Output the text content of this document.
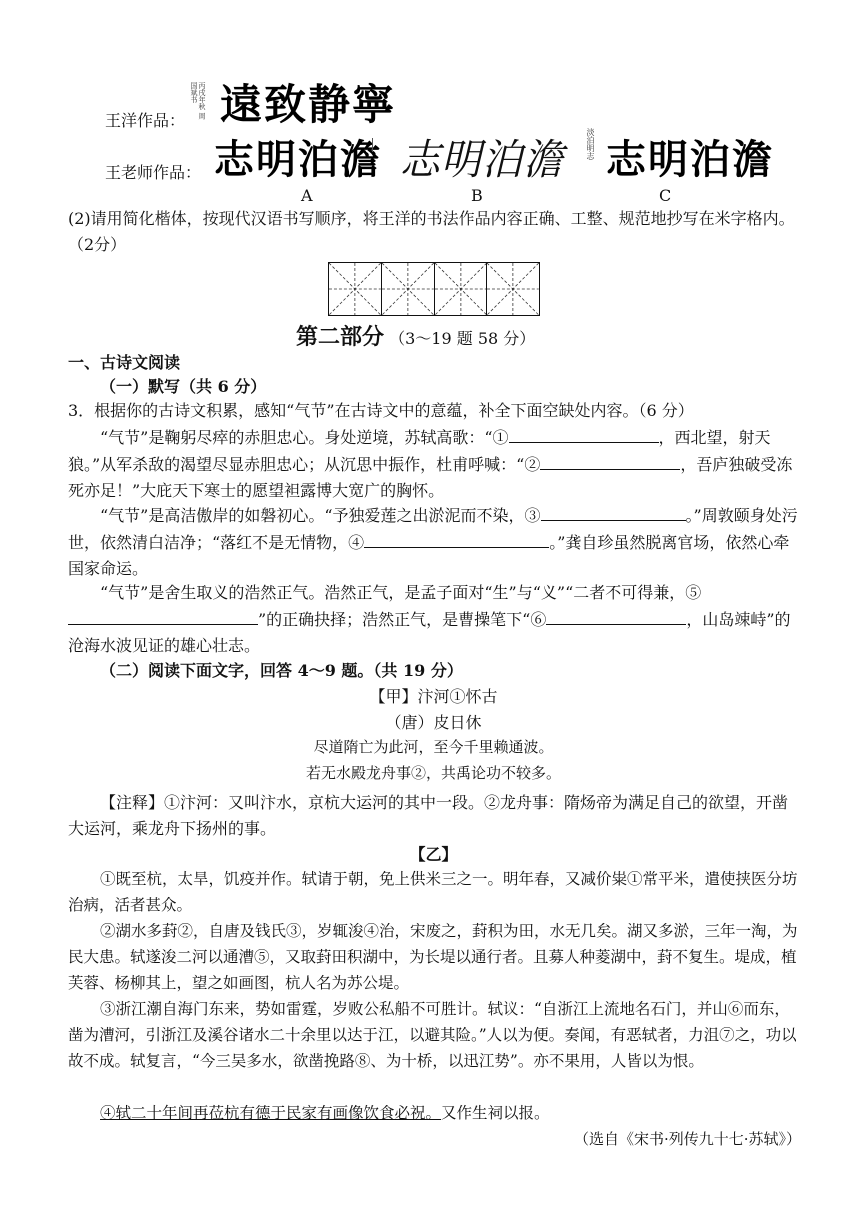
王洋作品：
丙戌年秋 周国斌书 遠致静寧
王老师作品： 志明泊澹 志明泊澹	淡泊明志 志明泊澹
A	B	C
(2)请用简化楷体，按现代汉语书写顺序，将王洋的书法作品内容正确、工整、规范地抄写在米字格内。（2分）
第二部分 （3～19 题 58 分）
一、古诗文阅读
（一）默写（共 6 分）
3．根据你的古诗文积累，感知“气节”在古诗文中的意蕴，补全下面空缺处内容。（6 分）
“气节”是鞠躬尽瘁的赤胆忠心。身处逆境，苏轼高歌：“①	，西北望，射天狼。”从军杀敌的渴望尽显赤胆忠心；从沉思中振作，杜甫呼喊：“②	，吾庐独破受冻死亦足！”大庇天下寒士的愿望袒露博大宽广的胸怀。
“气节”是高洁傲岸的如磐初心。“予独爱莲之出淤泥而不染，③	。”周敦颐身处污世，依然清白洁净；“落红不是无情物，④	。”龚自珍虽然脱离官场，依然心牵国家命运。
“气节”是舍生取义的浩然正气。浩然正气，是孟子面对“生”与“义”“二者不可得兼，⑤”的正确抉择；浩然正气，是曹操笔下“⑥	，山岛竦峙”的沧海水波见证的雄心壮志。
（二）阅读下面文字，回答 4～9 题。（共 19 分）
【甲】汴河①怀古
（唐）皮日休
尽道隋亡为此河，至今千里赖通波。
若无水殿龙舟事②，共禹论功不较多。
【注释】①汴河：又叫汴水，京杭大运河的其中一段。②龙舟事：隋炀帝为满足自己的欲望，开凿大运河，乘龙舟下扬州的事。
【乙】
①既至杭，太旱，饥疫并作。轼请于朝，免上供米三之一。明年春，又减价粜①常平米，遣使挟医分坊治病，活者甚众。
②湖水多葑②，自唐及钱氏③，岁辄浚④治，宋废之，葑积为田，水无几矣。湖又多淤，三年一淘，为民大患。轼遂浚二河以通漕⑤，又取葑田积湖中，为长堤以通行者。且募人种菱湖中，葑不复生。堤成，植芙蓉、杨柳其上，望之如画图，杭人名为苏公堤。
③浙江潮自海门东来，势如雷霆，岁败公私船不可胜计。轼议：“自浙江上流地名石门，并山⑥而东，凿为漕河，引浙江及溪谷诸水二十余里以达于江，以避其险。”人以为便。奏闻，有恶轼者，力沮⑦之，功以故不成。轼复言，“今三吴多水，欲凿挽路⑧、为十桥，以迅江势”。亦不果用，人皆以为恨。
④轼二十年间再莅杭有德于民家有画像饮食必祝。又作生祠以报。
（选自《宋书·列传九十七·苏轼》）
